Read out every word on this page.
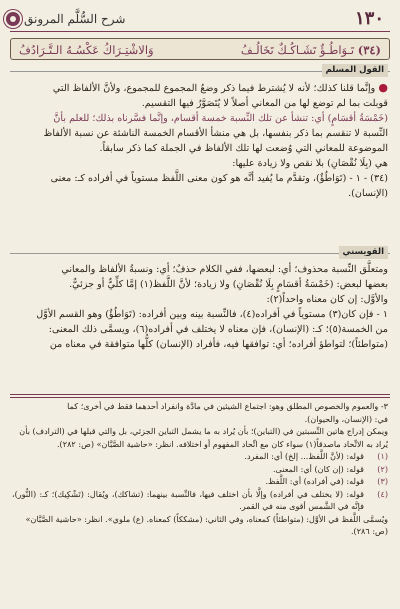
شرح السُّلَّم المرونق	١٣٠
(٣٤) تَـوَاطُـؤٌ تَشَـاكُـكٌ تَخَالُـفُ
وَالاشْتِـرَاكُ عَكْسُـهُ الـتَّـرَادُفُ
القول المسلم

● وإنَّما قلنا كذلك؛ لأنه لا يُشترط فيما ذكر وضعُ المجموع للمجموع، ولأنَّ الألفاظ التي

قوبلت بما لم توضع لها من المعاني أصلاً لا يُتَصَوَّرُ فيها التقسيم.

(خَمْسَةُ أقسَامٍ) أي: تنشأ عن تلك النِّسبة خمسة أقسام، وإنَّما فسَّرناه بذلك؛ للعلم بأنَّ

النِّسبة لا تنقسم بما ذكر بنفسها، بل هي منشأ الأقسام الخمسة الناشئة عن نسبة الألفاظ

الموضوعة للمعاني التي وُضعت لها تلك الألفاظ في الجملة كما ذكر سابقاً.

هي (بِلَا نُقْصَانِ) بلا نقص ولا زيادة عليها:

(٣٤) - ١ - (تَوَاطُؤٌ)، وتقدَّم ما يُفيد أنَّه هو كون معنى اللَّفظ مستوياً في أفراده كـ: معنى

(الإنسان).

القويسني

ومتعلَّق النِّسبة محذوف؛ أي: لبعضها، ففي الكلام حذفٌ؛ أي: ونسبةُ الألفاظ والمعاني

بعضها لبعض: (خَمْسَةُ أقسَامٍ بِلَا نُقْصَانِ) ولا زيادة؛ لأنَّ اللَّفظ(١) إمَّا كلِّيٌّ أو جزئيٌّ.

والأوَّل: إن كان معناه واحداً(٢):

١ - فإن كان(٣) مستوياً في أفراده(٤)، فالنِّسبة بينه وبين أفراده: (تَوَاطُؤٌ) وهو القسم الأوَّل

من الخمسة(٥)؛ كـ: (الإنسان)، فإن معناه لا يختلف في أفراده(٦)، ويسمَّى ذلك المعنى:

(متواطئاً)؛ لتواطؤ أفراده؛ أي: توافقها فيه، فأفراد (الإنسان) كلُّها متوافقة في معناه من

٣- والعموم والخصوص المطلق وهو: اجتماع الشيئين في مادَّة وانفراد أحدهما فقط في أخرى؛ كما

في: (الإنسان، والحيوان).

ويمكن إدراج هاتين النِّسبتين في (التباين)؛ بأن يُراد به ما يشمل التباين الجزئي، بل والتي قبلها في (الترادف) بأن

يُراد به الاتِّحاد ماصدقاً(١) سواء كان مع اتِّحاد المفهوم أو اختلافه. انظر: «حاشية الصَّبَّان» (ص: ٢٨٢).

(١)
قوله: (لأنَّ اللَّفظ... إلخ) أي: المفرد.
(٢)
قوله: (إن كان) أي: المعنى.
(٣)
قوله: (في أفراده) أي: اللَّفظ.
(٤)
قوله: (لا يختلف في أفراده) وإلَّا بأن اختلف فيها، فالنِّسبة بينهما: (تشاكك)، ويُقال: (تَشْكِيك)؛ كـ: (النُّور)، فإنَّه في الشَّمس أقوى منه في القمر.

ويُسمَّى اللَّفظ في الأوَّل: (متواطئاً) كمعناه، وفي الثاني: (مشككاً) كمعناه. (ع) ملوي». انظر: «حاشية الصَّبَّان»

(ص: ٢٨٦).
